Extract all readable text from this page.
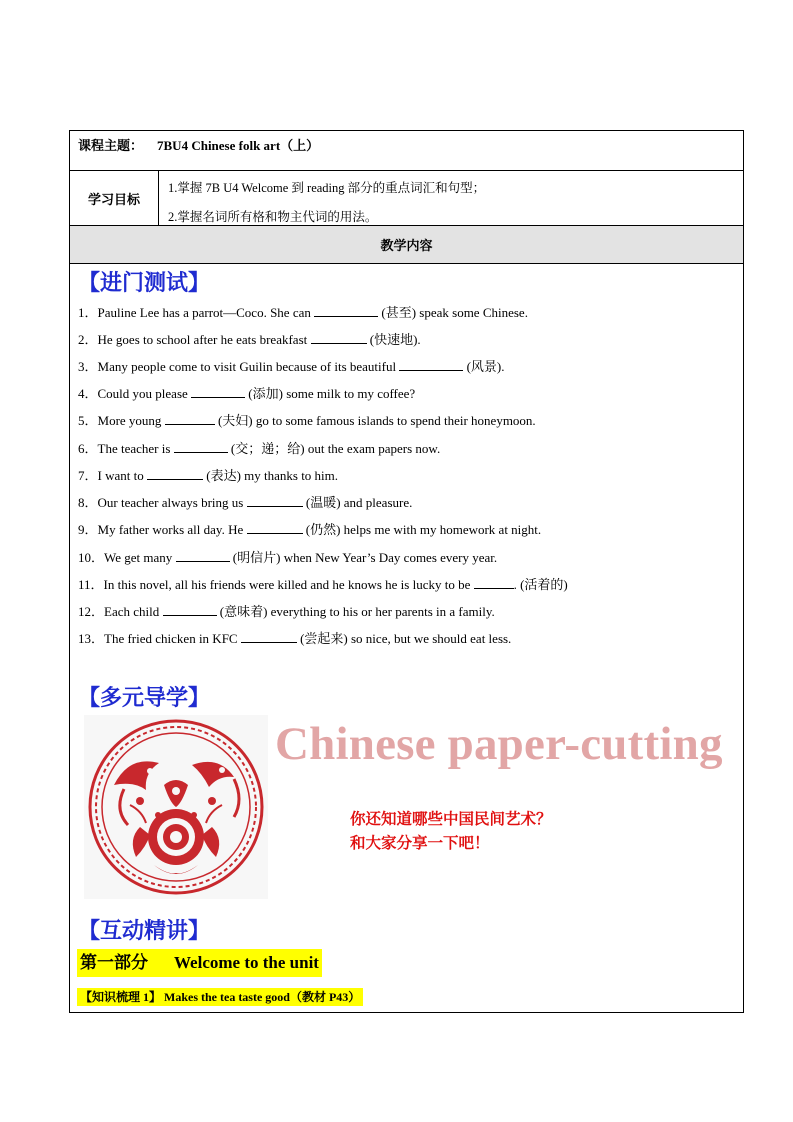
课程主题： 7BU4 Chinese folk art（上）
学习目标
1.掌握 7B U4 Welcome 到 reading 部分的重点词汇和句型；
2.掌握名词所有格和物主代词的用法。
教学内容
【进门测试】
1．Pauline Lee has a parrot—Coco. She can	(甚至) speak some Chinese.
2．He goes to school after he eats breakfast	(快速地).
3．Many people come to visit Guilin because of its beautiful	(风景).
4．Could you please	(添加) some milk to my coffee?
5．More young	(夫妇) go to some famous islands to spend their honeymoon.
6．The teacher is	(交；递；给) out the exam papers now.
7．I want to	(表达) my thanks to him.
8．Our teacher always bring us	(温暖) and pleasure.
9．My father works all day. He	(仍然) helps me with my homework at night.
10．We get many	(明信片) when New Year’s Day comes every year.
11．In this novel, all his friends were killed and he knows he is lucky to be	. (活着的)
12．Each child	(意味着) everything to his or her parents in a family.
13．The fried chicken in KFC	(尝起来) so nice, but we should eat less.
【多元导学】
Chinese paper-cutting
你还知道哪些中国民间艺术？
和大家分享一下吧！
【互动精讲】
第一部分 Welcome to the unit
【知识梳理 1】 Makes the tea taste good（教材 P43）
